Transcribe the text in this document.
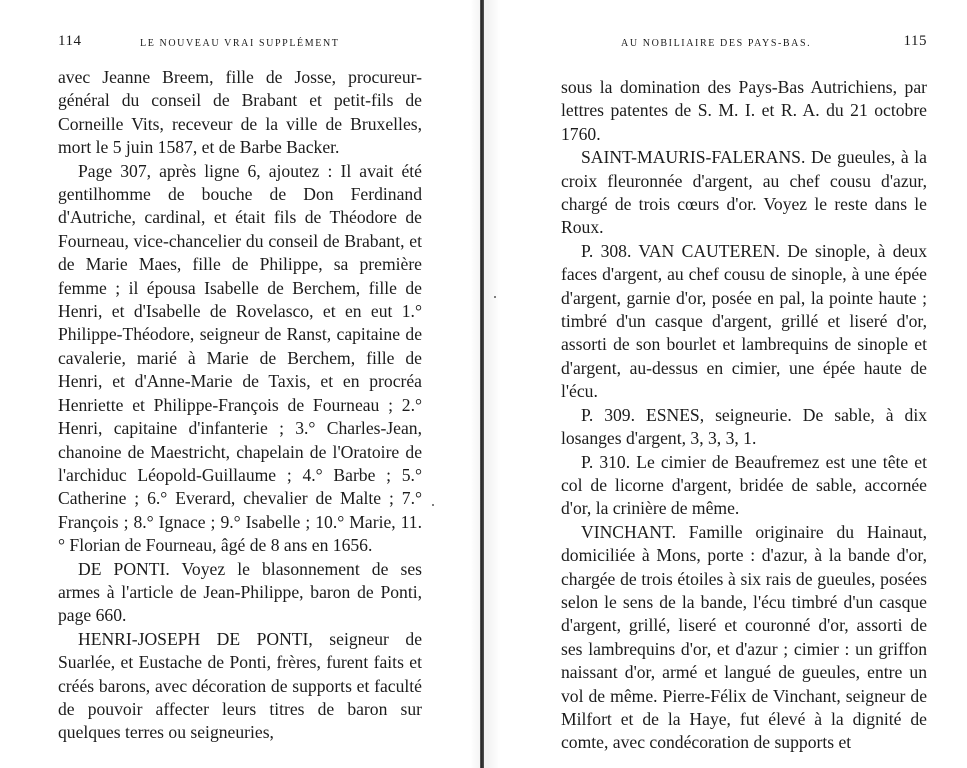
114	LE NOUVEAU VRAI SUPPLÉMENT

avec Jeanne Breem, fille de Josse, procureur-général du conseil de Brabant et petit-fils de Corneille Vits, receveur de la ville de Bruxelles, mort le 5 juin 1587, et de Barbe Backer.

Page 307, après ligne 6, ajoutez : Il avait été gentilhomme de bouche de Don Ferdinand d'Autriche, cardinal, et était fils de Théodore de Fourneau, vice-chancelier du conseil de Brabant, et de Marie Maes, fille de Philippe, sa première femme ; il épousa Isabelle de Berchem, fille de Henri, et d'Isabelle de Rovelasco, et en eut 1.° Philippe-Théodore, seigneur de Ranst, capitaine de cavalerie, marié à Marie de Berchem, fille de Henri, et d'Anne-Marie de Taxis, et en procréa Henriette et Philippe-François de Fourneau ; 2.° Henri, capitaine d'infanterie ; 3.° Charles-Jean, chanoine de Maestricht, chapelain de l'Oratoire de l'archiduc Léopold-Guillaume ; 4.° Barbe ; 5.° Catherine ; 6.° Everard, chevalier de Malte ; 7.° François ; 8.° Ignace ; 9.° Isabelle ; 10.° Marie, 11.° Florian de Fourneau, âgé de 8 ans en 1656.

DE PONTI. Voyez le blasonnement de ses armes à l'article de Jean-Philippe, baron de Ponti, page 660.

HENRI-JOSEPH DE PONTI, seigneur de Suarlée, et Eustache de Ponti, frères, furent faits et créés barons, avec décoration de supports et faculté de pouvoir affecter leurs titres de baron sur quelques terres ou seigneuries,

AU NOBILIAIRE DES PAYS-BAS.	115

sous la domination des Pays-Bas Autrichiens, par lettres patentes de S. M. I. et R. A. du 21 octobre 1760.

SAINT-MAURIS-FALERANS. De gueules, à la croix fleuronnée d'argent, au chef cousu d'azur, chargé de trois cœurs d'or. Voyez le reste dans le Roux.

P. 308. VAN CAUTEREN. De sinople, à deux faces d'argent, au chef cousu de sinople, à une épée d'argent, garnie d'or, posée en pal, la pointe haute ; timbré d'un casque d'argent, grillé et liseré d'or, assorti de son bourlet et lambrequins de sinople et d'argent, au-dessus en cimier, une épée haute de l'écu.

P. 309. ESNES, seigneurie. De sable, à dix losanges d'argent, 3, 3, 3, 1.

P. 310. Le cimier de Beaufremez est une tête et col de licorne d'argent, bridée de sable, accornée d'or, la crinière de même.

VINCHANT. Famille originaire du Hainaut, domiciliée à Mons, porte : d'azur, à la bande d'or, chargée de trois étoiles à six rais de gueules, posées selon le sens de la bande, l'écu timbré d'un casque d'argent, grillé, liseré et couronné d'or, assorti de ses lambrequins d'or, et d'azur ; cimier : un griffon naissant d'or, armé et langué de gueules, entre un vol de même. Pierre-Félix de Vinchant, seigneur de Milfort et de la Haye, fut élevé à la dignité de comte, avec condécoration de supports et
